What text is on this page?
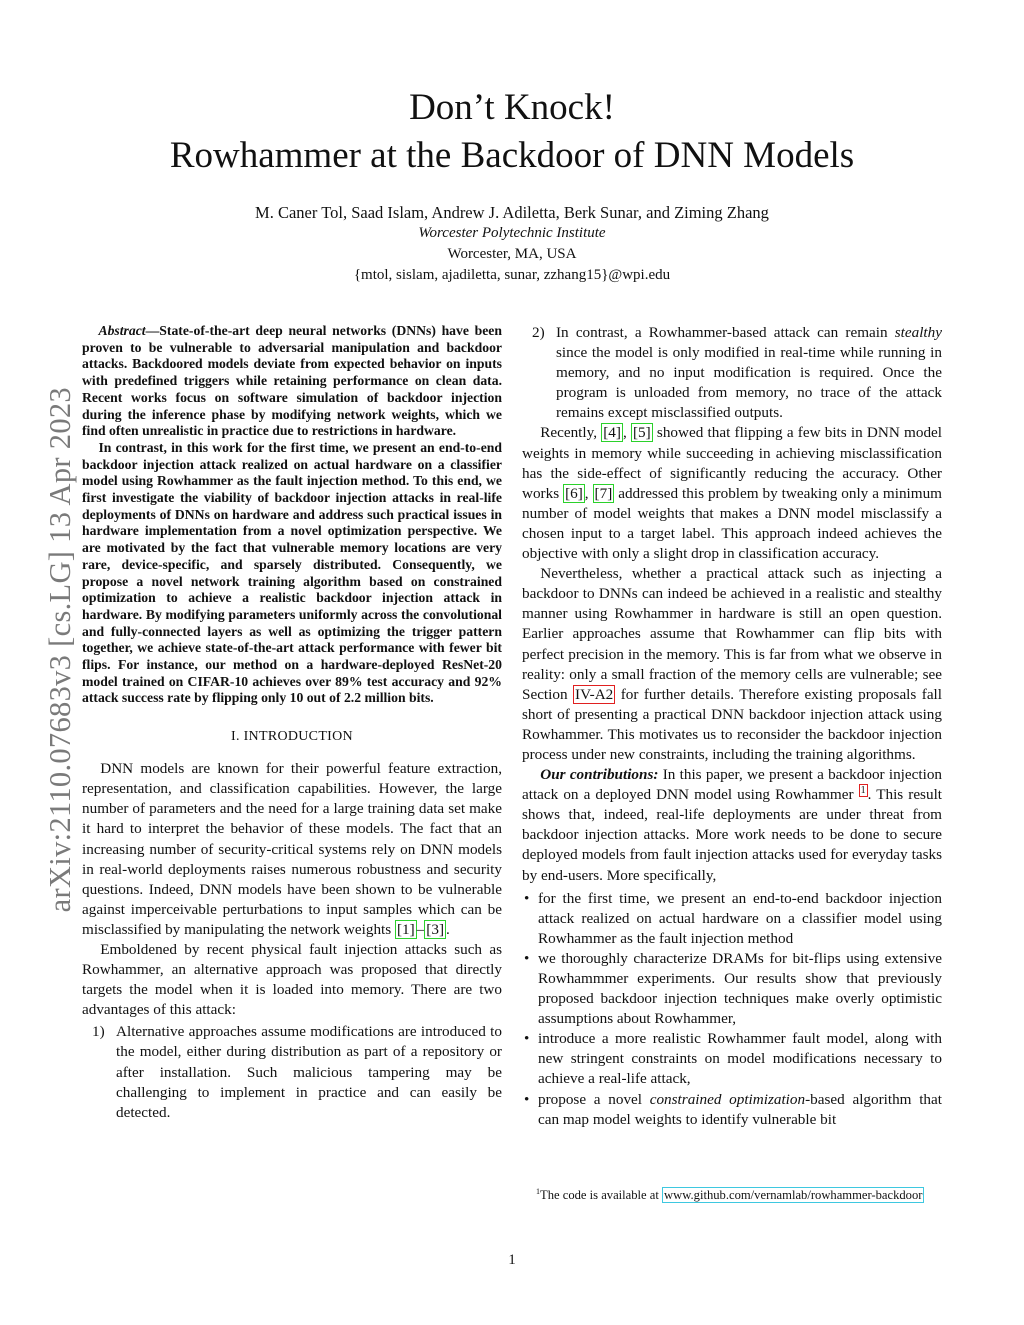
arXiv:2110.07683v3 [cs.LG] 13 Apr 2023
Don’t Knock!
Rowhammer at the Backdoor of DNN Models
M. Caner Tol, Saad Islam, Andrew J. Adiletta, Berk Sunar, and Ziming Zhang
Worcester Polytechnic Institute
Worcester, MA, USA
{mtol, sislam, ajadiletta, sunar, zzhang15}@wpi.edu

Abstract—State-of-the-art deep neural networks (DNNs) have been proven to be vulnerable to adversarial manipulation and backdoor attacks. Backdoored models deviate from expected behavior on inputs with predefined triggers while retaining performance on clean data. Recent works focus on software simulation of backdoor injection during the inference phase by modifying network weights, which we find often unrealistic in practice due to restrictions in hardware.

In contrast, in this work for the first time, we present an end-to-end backdoor injection attack realized on actual hardware on a classifier model using Rowhammer as the fault injection method. To this end, we first investigate the viability of backdoor injection attacks in real-life deployments of DNNs on hardware and address such practical issues in hardware implementation from a novel optimization perspective. We are motivated by the fact that vulnerable memory locations are very rare, device-specific, and sparsely distributed. Consequently, we propose a novel network training algorithm based on constrained optimization to achieve a realistic backdoor injection attack in hardware. By modifying parameters uniformly across the convolutional and fully-connected layers as well as optimizing the trigger pattern together, we achieve state-of-the-art attack performance with fewer bit flips. For instance, our method on a hardware-deployed ResNet-20 model trained on CIFAR-10 achieves over 89% test accuracy and 92% attack success rate by flipping only 10 out of 2.2 million bits.

I. INTRODUCTION

DNN models are known for their powerful feature extraction, representation, and classification capabilities. However, the large number of parameters and the need for a large training data set make it hard to interpret the behavior of these models. The fact that an increasing number of security-critical systems rely on DNN models in real-world deployments raises numerous robustness and security questions. Indeed, DNN models have been shown to be vulnerable against imperceivable perturbations to input samples which can be misclassified by manipulating the network weights [1] – [3] .

Emboldened by recent physical fault injection attacks such as Rowhammer, an alternative approach was proposed that directly targets the model when it is loaded into memory. There are two advantages of this attack:

1) Alternative approaches assume modifications are introduced to the model, either during distribution as part of a repository or after installation. Such malicious tampering may be challenging to implement in practice and can easily be detected.
2) In contrast, a Rowhammer-based attack can remain stealthy since the model is only modified in real-time while running in memory, and no input modification is required. Once the program is unloaded from memory, no trace of the attack remains except misclassified outputs.

Recently, [4] , [5] showed that flipping a few bits in DNN model weights in memory while succeeding in achieving misclassification has the side-effect of significantly reducing the accuracy. Other works [6] , [7] addressed this problem by tweaking only a minimum number of model weights that makes a DNN model misclassify a chosen input to a target label. This approach indeed achieves the objective with only a slight drop in classification accuracy.

Nevertheless, whether a practical attack such as injecting a backdoor to DNNs can indeed be achieved in a realistic and stealthy manner using Rowhammer in hardware is still an open question. Earlier approaches assume that Rowhammer can flip bits with perfect precision in the memory. This is far from what we observe in reality: only a small fraction of the memory cells are vulnerable; see Section IV-A2 for further details. Therefore existing proposals fall short of presenting a practical DNN backdoor injection attack using Rowhammer. This motivates us to reconsider the backdoor injection process under new constraints, including the training algorithms.

Our contributions: In this paper, we present a backdoor injection attack on a deployed DNN model using Rowhammer $^1$ . This result shows that, indeed, real-life deployments are under threat from backdoor injection attacks. More work needs to be done to secure deployed models from fault injection attacks used for everyday tasks by end-users. More specifically,

• for the first time, we present an end-to-end backdoor injection attack realized on actual hardware on a classifier model using Rowhammer as the fault injection method
• we thoroughly characterize DRAMs for bit-flips using extensive Rowhammmer experiments. Our results show that previously proposed backdoor injection techniques make overly optimistic assumptions about Rowhammer,
• introduce a more realistic Rowhammer fault model, along with new stringent constraints on model modifications necessary to achieve a real-life attack,
• propose a novel constrained optimization-based algorithm that can map model weights to identify vulnerable bit
$^1$The code is available at www.github.com/vernamlab/rowhammer-backdoor
1
